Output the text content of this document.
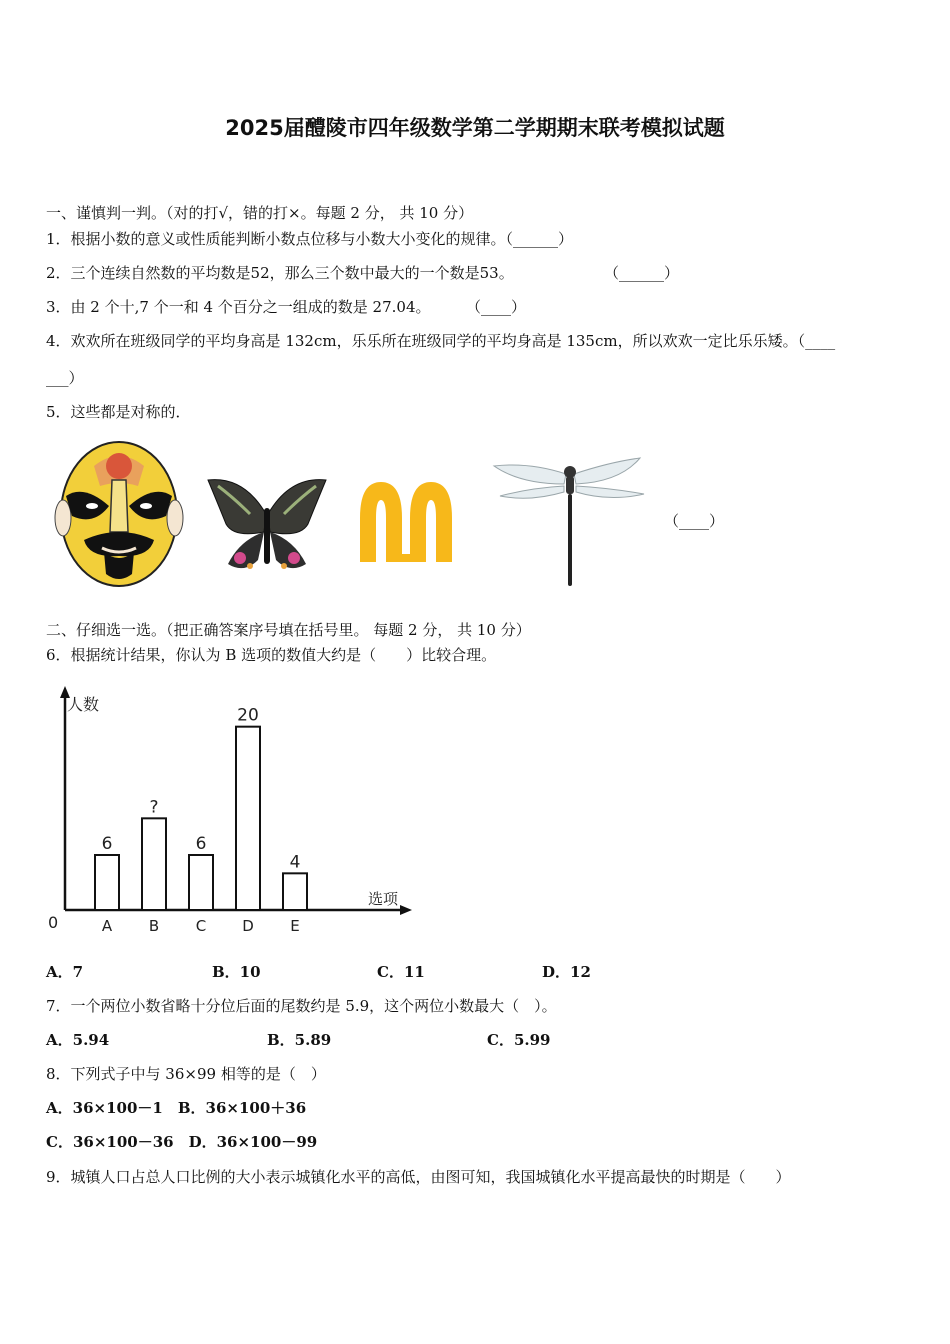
2025届醴陵市四年级数学第二学期期末联考模拟试题
一、谨慎判一判。（对的打√，错的打×。每题 2 分， 共 10 分）
1．根据小数的意义或性质能判断小数点位移与小数大小变化的规律。（______）
2．三个连续自然数的平均数是52，那么三个数中最大的一个数是53。	（______）
3．由 2 个十,7 个一和 4 个百分之一组成的数是 27.04。 （____）
4．欢欢所在班级同学的平均身高是 132cm，乐乐所在班级同学的平均身高是 135cm，所以欢欢一定比乐乐矮。（____
___）
5．这些都是对称的．
（____）
二、仔细选一选。（把正确答案序号填在括号里。 每题 2 分， 共 10 分）
6．根据统计结果，你认为 B 选项的数值大约是（　　）比较合理。
人数
选项
0
6
A
?
B
6
C
20
D
4
E
A．7	B．10	C．11	D．12
7．一个两位小数省略十分位后面的尾数约是 5.9，这个两位小数最大（　）。
A．5.94	B．5.89	C．5.99
8．下列式子中与 36×99 相等的是（　）
A．36×100－1　B．36×100＋36
C．36×100－36　D．36×100－99
9．城镇人口占总人口比例的大小表示城镇化水平的高低，由图可知，我国城镇化水平提高最快的时期是（　　）
